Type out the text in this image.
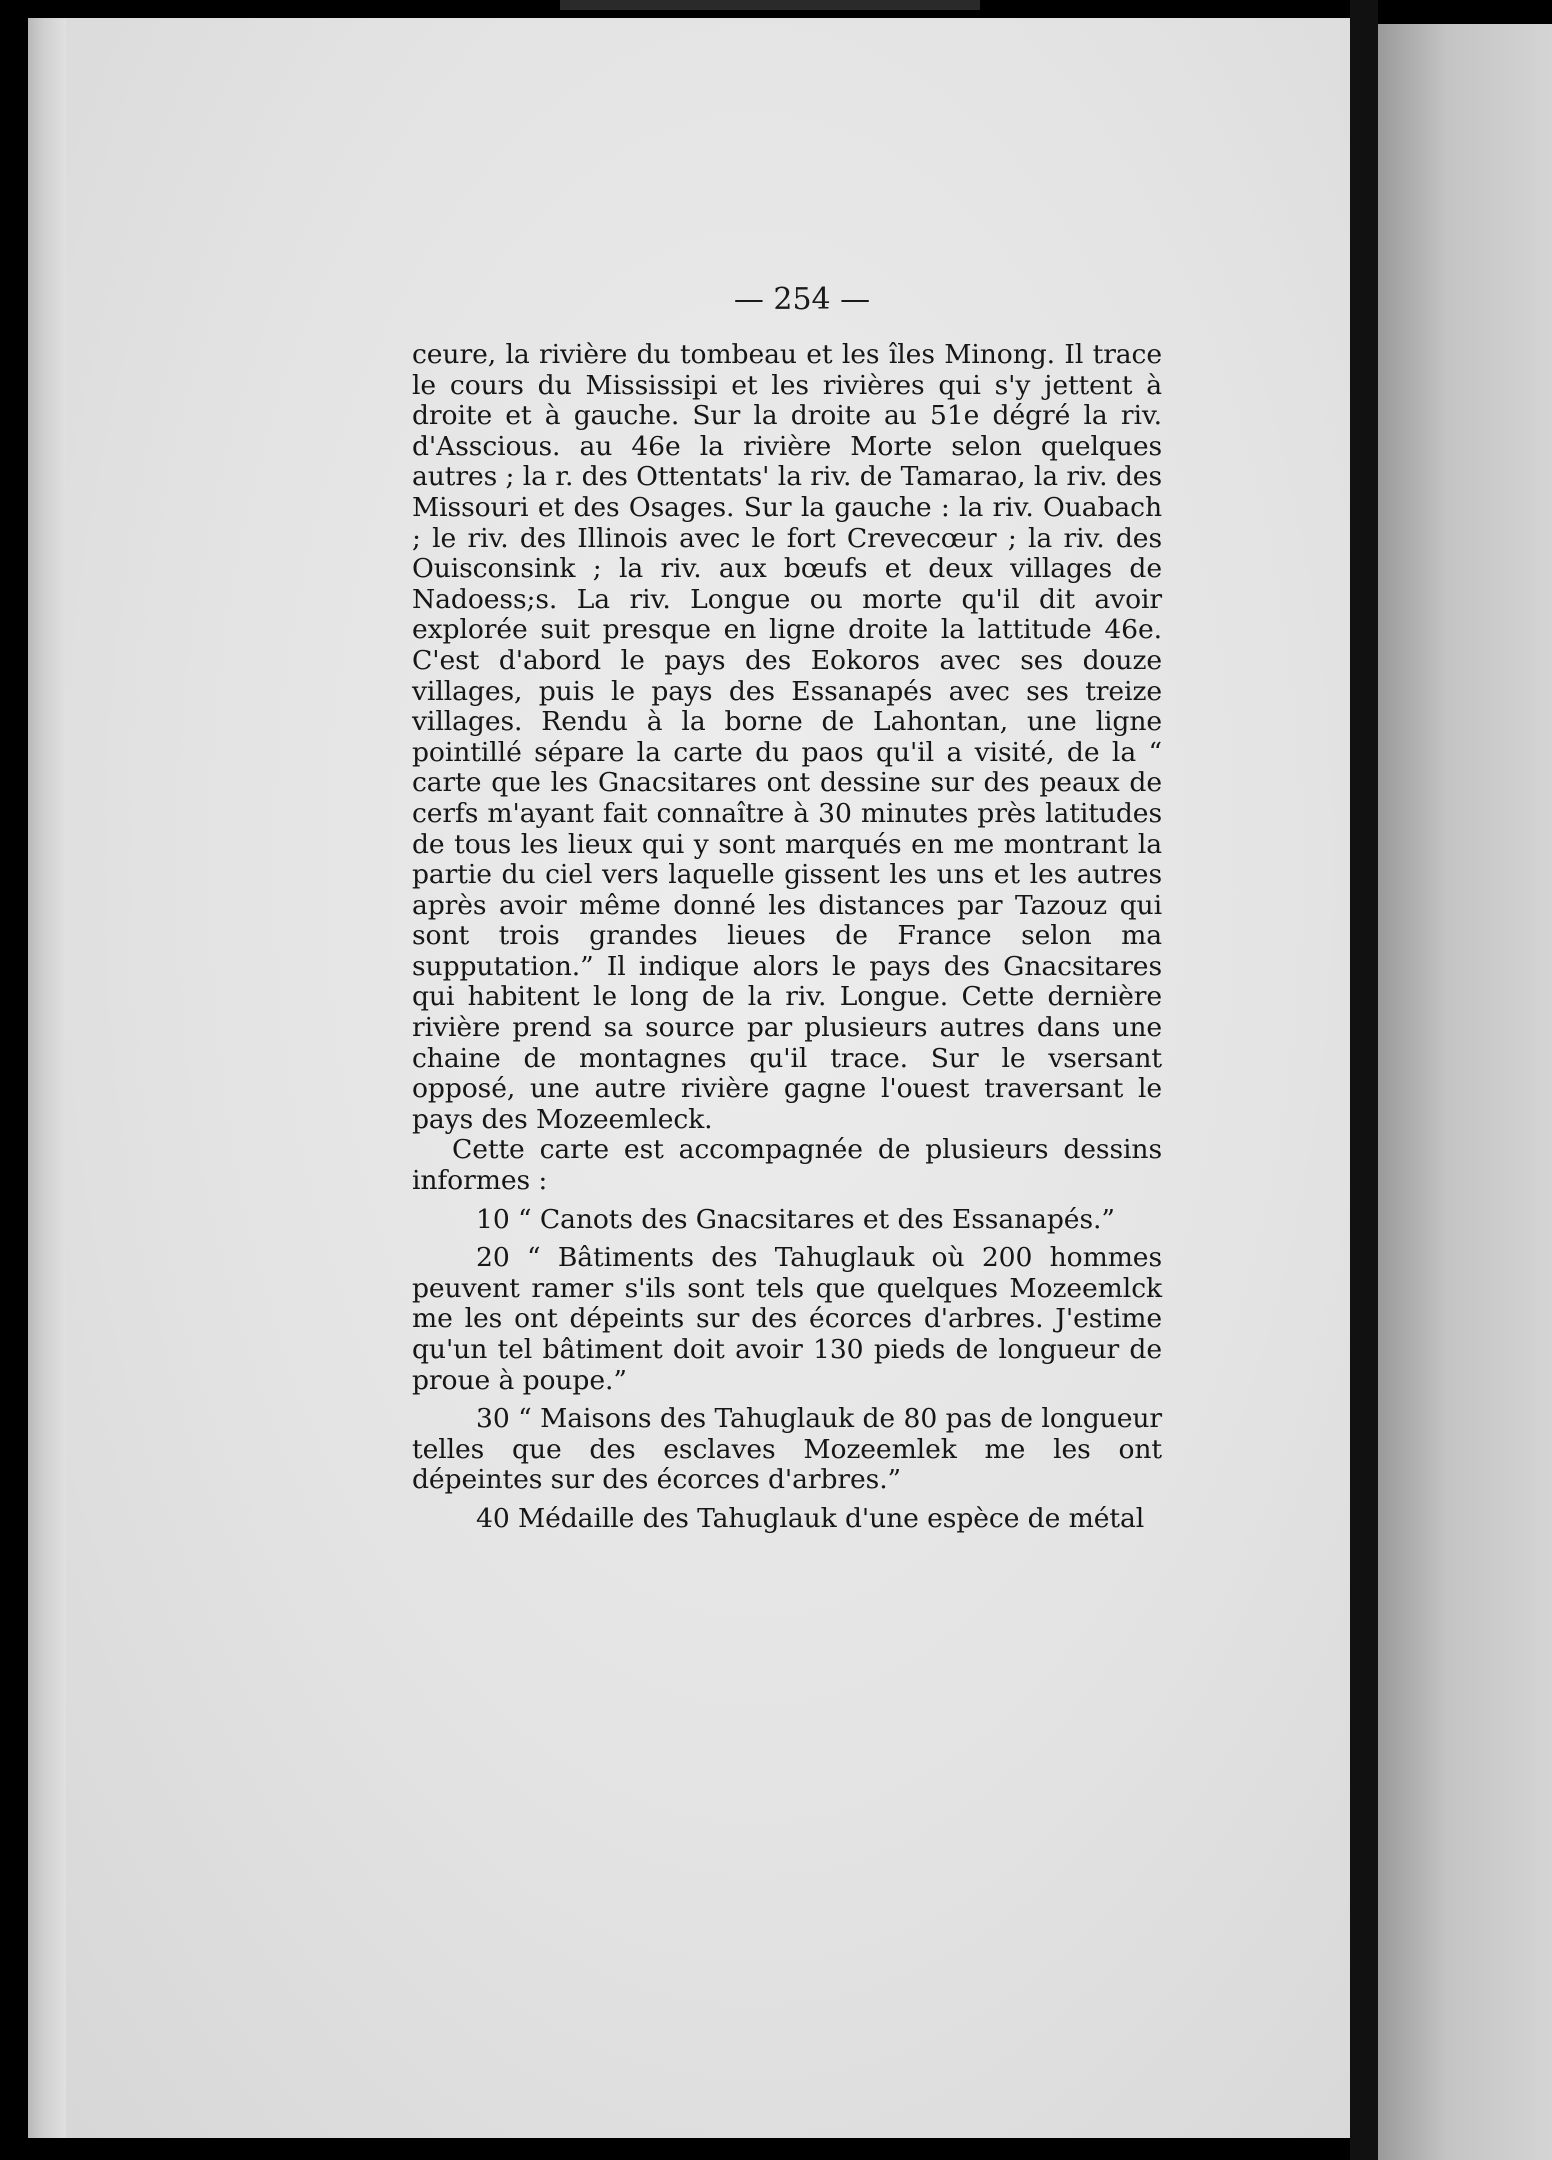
— 254 —

ceure, la rivière du tombeau et les îles Minong. Il trace le cours du Mississipi et les rivières qui s'y jettent à droite et à gauche. Sur la droite au 51e dégré la riv. d'Asscious. au 46e la rivière Morte selon quelques autres ; la r. des Ottentats' la riv. de Tamarao, la riv. des Missouri et des Osages. Sur la gauche : la riv. Ouabach ; le riv. des Illinois avec le fort Crevecœur ; la riv. des Ouisconsink ; la riv. aux bœufs et deux villages de Nadoess;s. La riv. Longue ou morte qu'il dit avoir explorée suit presque en ligne droite la lattitude 46e. C'est d'abord le pays des Eokoros avec ses douze villages, puis le pays des Essanapés avec ses treize villages. Rendu à la borne de Lahontan, une ligne pointillé sépare la carte du paos qu'il a visité, de la “ carte que les Gnacsitares ont dessine sur des peaux de cerfs m'ayant fait connaître à 30 minutes près latitudes de tous les lieux qui y sont marqués en me montrant la partie du ciel vers laquelle gissent les uns et les autres après avoir même donné les distances par Tazouz qui sont trois grandes lieues de France selon ma supputation.” Il indique alors le pays des Gnacsitares qui habitent le long de la riv. Longue. Cette dernière rivière prend sa source par plusieurs autres dans une chaine de montagnes qu'il trace. Sur le vsersant opposé, une autre rivière gagne l'ouest traversant le pays des Mozeemleck.

Cette carte est accompagnée de plusieurs dessins informes :

10 “ Canots des Gnacsitares et des Essanapés.”

20 “ Bâtiments des Tahuglauk où 200 hommes peuvent ramer s'ils sont tels que quelques Mozeemlck me les ont dépeints sur des écorces d'arbres. J'estime qu'un tel bâtiment doit avoir 130 pieds de longueur de proue à poupe.”

30 “ Maisons des Tahuglauk de 80 pas de longueur telles que des esclaves Mozeemlek me les ont dépeintes sur des écorces d'arbres.”

40 Médaille des Tahuglauk d'une espèce de métal
